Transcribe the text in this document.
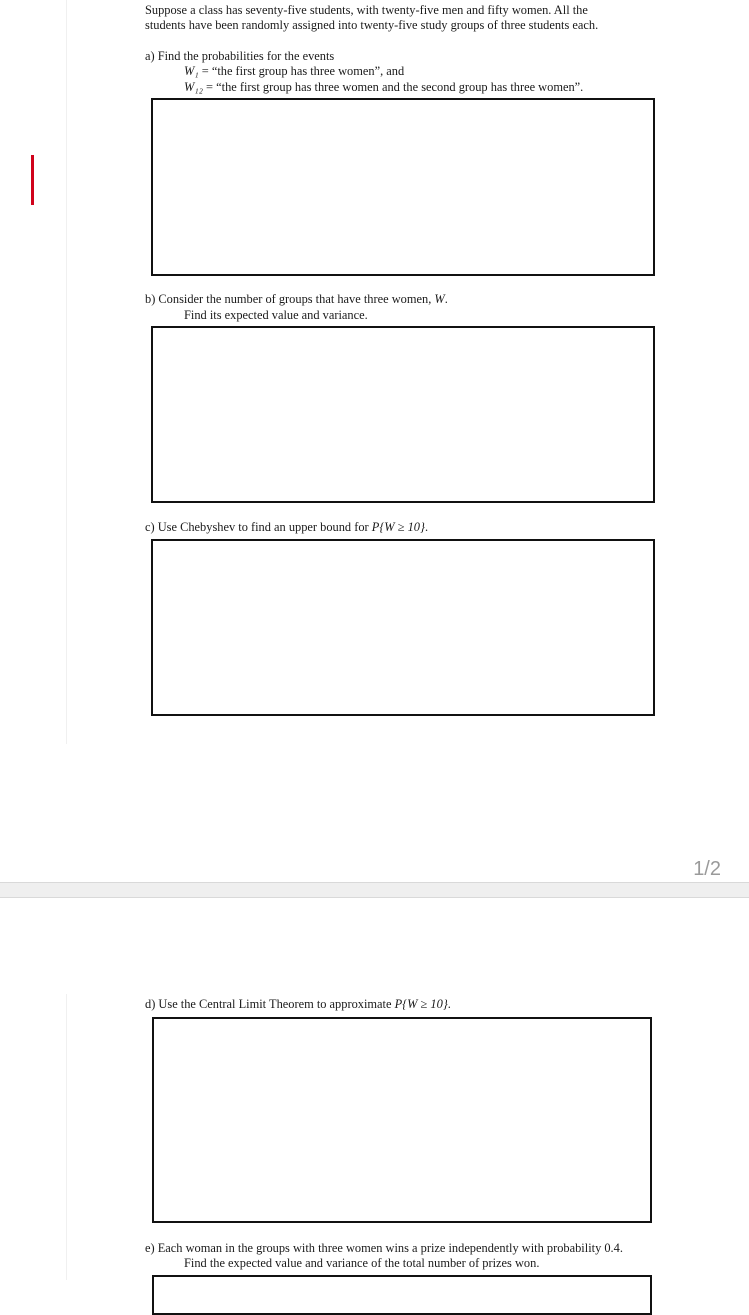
Suppose a class has seventy-five students, with twenty-five men and fifty women. All the
students have been randomly assigned into twenty-five study groups of three students each.
a) Find the probabilities for the events
W₁ = “the first group has three women”, and
W₁₂ = “the first group has three women and the second group has three women”.
b) Consider the number of groups that have three women, W.
Find its expected value and variance.
c) Use Chebyshev to find an upper bound for P{W ≥ 10}.
1/2
d) Use the Central Limit Theorem to approximate P{W ≥ 10}.
e) Each woman in the groups with three women wins a prize independently with probability 0.4.
Find the expected value and variance of the total number of prizes won.
